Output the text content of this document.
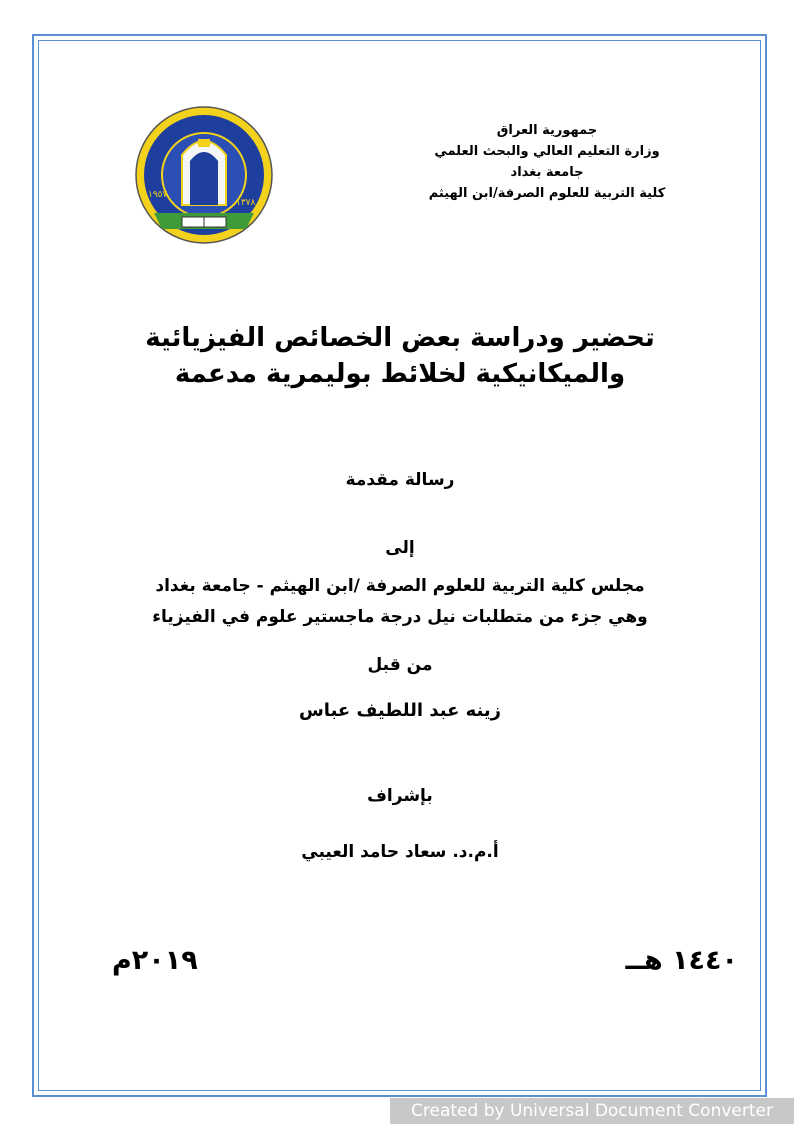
جمهورية العراق
وزارة التعليم العالي والبحث العلمي
جامعة بغداد
كلية التربية للعلوم الصرفة/ابن الهيثم
١٩٥٧
١٣٧٨
تحضير ودراسة بعض الخصائص الفيزيائية
والميكانيكية لخلائط بوليمرية مدعمة
رسالة مقدمة
إلى
مجلس كلية التربية للعلوم الصرفة /ابن الهيثم - جامعة بغداد
وهي جزء من متطلبات نيل درجة ماجستير علوم في الفيزياء
من قبل
زينه عبد اللطيف عباس
بإشراف
أ.م.د. سعاد حامد العيبي
١٤٤٠ هــ
٢٠١٩م
Created by Universal Document Converter
